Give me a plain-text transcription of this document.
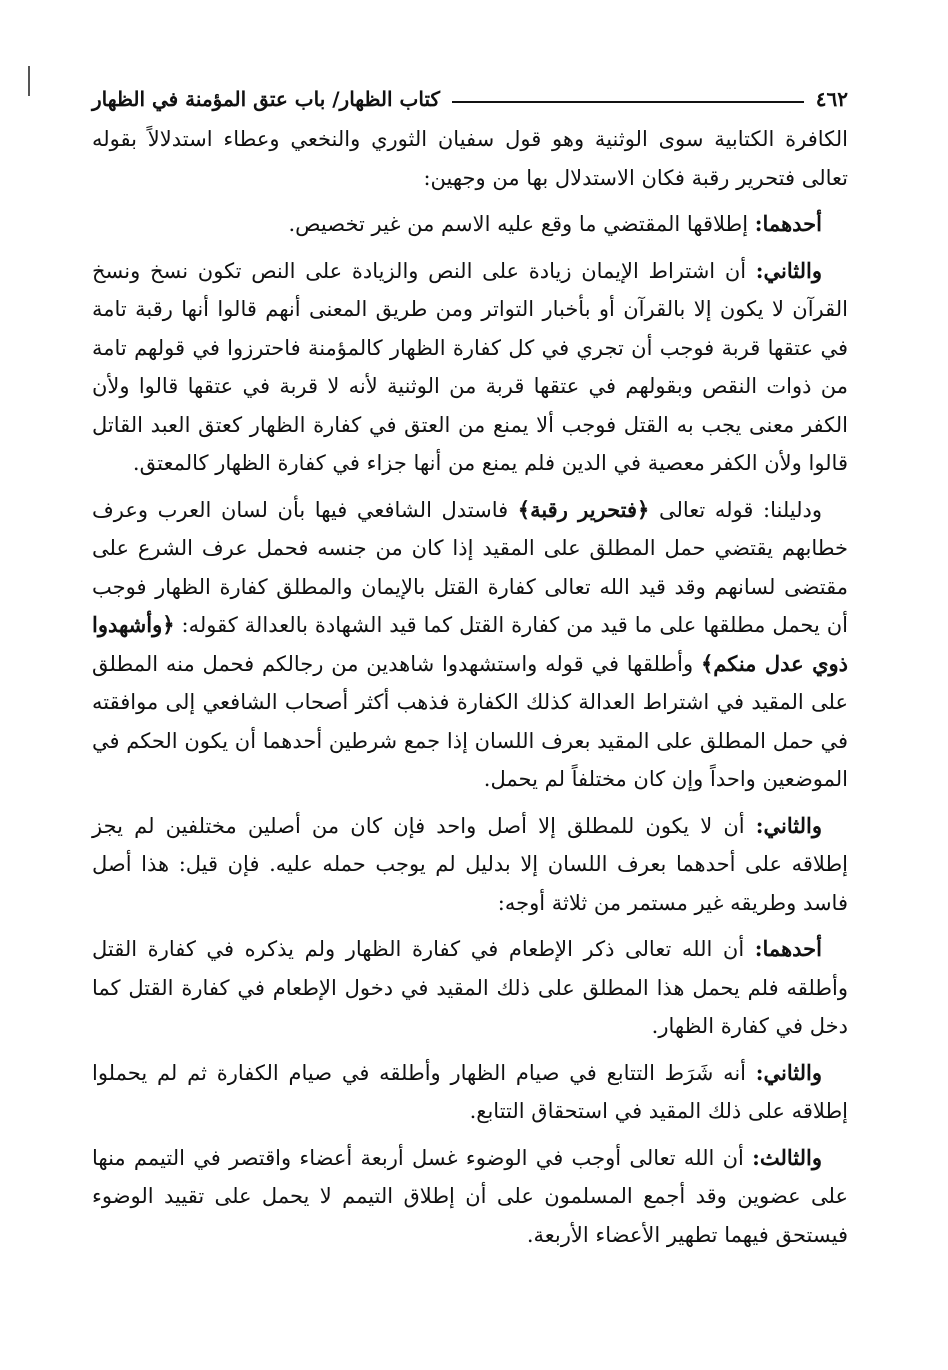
٤٦٢
كتاب الظهار/ باب عتق المؤمنة في الظهار

الكافرة الكتابية سوى الوثنية وهو قول سفيان الثوري والنخعي وعطاء استدلالاً بقوله تعالى فتحرير رقبة فكان الاستدلال بها من وجهين:

أحدهما: إطلاقها المقتضي ما وقع عليه الاسم من غير تخصيص.

والثاني: أن اشتراط الإيمان زيادة على النص والزيادة على النص تكون نسخ ونسخ القرآن لا يكون إلا بالقرآن أو بأخبار التواتر ومن طريق المعنى أنهم قالوا أنها رقبة تامة في عتقها قربة فوجب أن تجري في كل كفارة الظهار كالمؤمنة فاحترزوا في قولهم تامة من ذوات النقص وبقولهم في عتقها قربة من الوثنية لأنه لا قربة في عتقها قالوا ولأن الكفر معنى يجب به القتل فوجب ألا يمنع من العتق في كفارة الظهار كعتق العبد القاتل قالوا ولأن الكفر معصية في الدين فلم يمنع من أنها جزاء في كفارة الظهار كالمعتق.

ودليلنا: قوله تعالى ﴿فتحرير رقبة﴾ فاستدل الشافعي فيها بأن لسان العرب وعرف خطابهم يقتضي حمل المطلق على المقيد إذا كان من جنسه فحمل عرف الشرع على مقتضى لسانهم وقد قيد الله تعالى كفارة القتل بالإيمان والمطلق كفارة الظهار فوجب أن يحمل مطلقها على ما قيد من كفارة القتل كما قيد الشهادة بالعدالة كقوله: ﴿وأشهدوا ذوي عدل منكم﴾ وأطلقها في قوله واستشهدوا شاهدين من رجالكم فحمل منه المطلق على المقيد في اشتراط العدالة كذلك الكفارة فذهب أكثر أصحاب الشافعي إلى موافقته في حمل المطلق على المقيد بعرف اللسان إذا جمع شرطين أحدهما أن يكون الحكم في الموضعين واحداً وإن كان مختلفاً لم يحمل.

والثاني: أن لا يكون للمطلق إلا أصل واحد فإن كان من أصلين مختلفين لم يجز إطلاقه على أحدهما بعرف اللسان إلا بدليل لم يوجب حمله عليه. فإن قيل: هذا أصل فاسد وطريقه غير مستمر من ثلاثة أوجه:

أحدهما: أن الله تعالى ذكر الإطعام في كفارة الظهار ولم يذكره في كفارة القتل وأطلقه فلم يحمل هذا المطلق على ذلك المقيد في دخول الإطعام في كفارة القتل كما دخل في كفارة الظهار.

والثاني: أنه شَرَط التتابع في صيام الظهار وأطلقه في صيام الكفارة ثم لم يحملوا إطلاقه على ذلك المقيد في استحقاق التتابع.

والثالث: أن الله تعالى أوجب في الوضوء غسل أربعة أعضاء واقتصر في التيمم منها على عضوين وقد أجمع المسلمون على أن إطلاق التيمم لا يحمل على تقييد الوضوء فيستحق فيهما تطهير الأعضاء الأربعة.
